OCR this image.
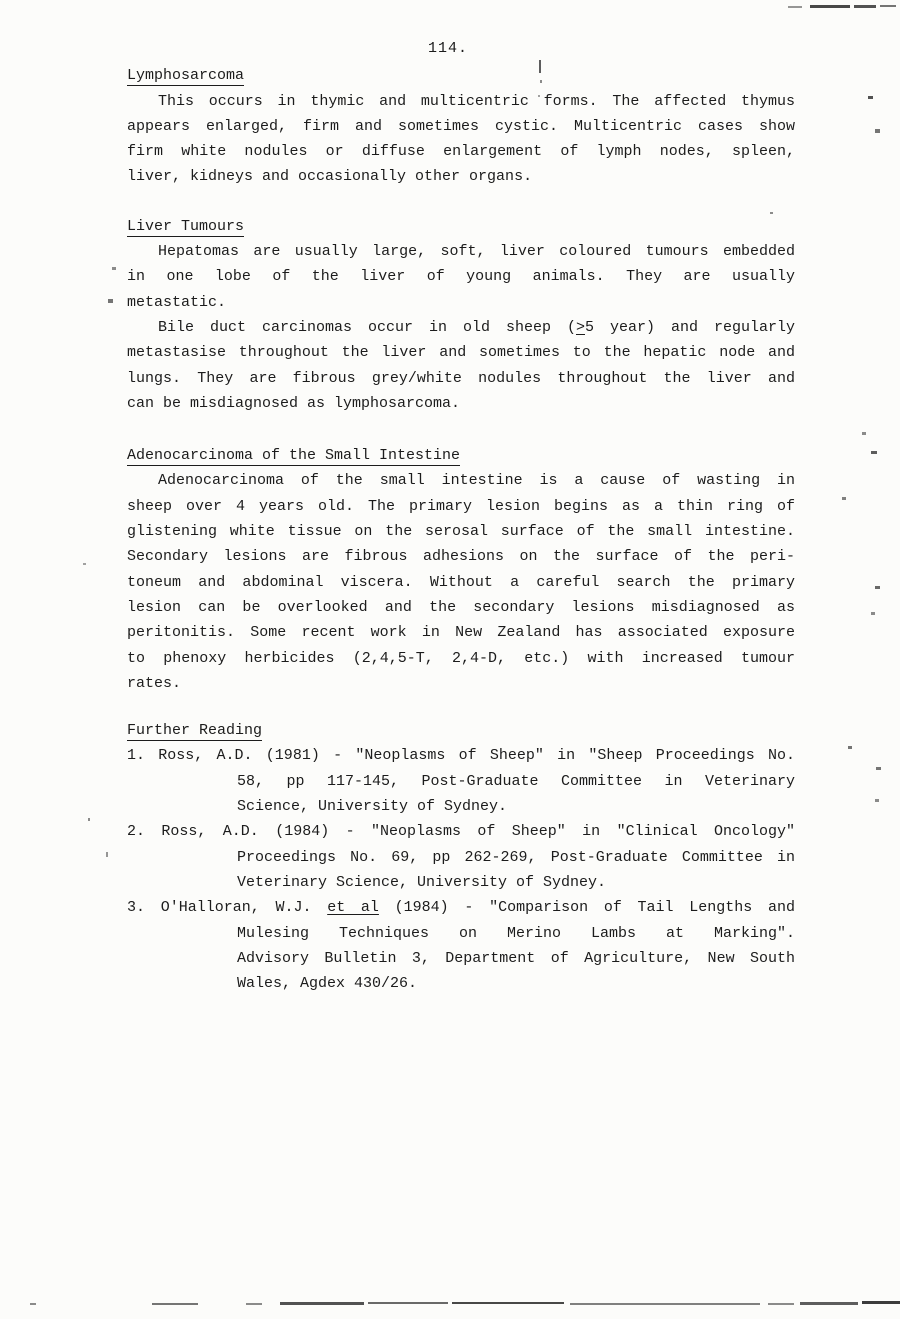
114.
Lymphosarcoma
This occurs in thymic and multicentric forms. The affected thymus
appears enlarged, firm and sometimes cystic. Multicentric cases show
firm white nodules or diffuse enlargement of lymph nodes, spleen,
liver, kidneys and occasionally other organs.
Liver Tumours
Hepatomas are usually large, soft, liver coloured tumours embedded
in one lobe of the liver of young animals. They are usually
metastatic.
Bile duct carcinomas occur in old sheep (>5 year) and regularly
metastasise throughout the liver and sometimes to the hepatic node and
lungs. They are fibrous grey/white nodules throughout the liver and
can be misdiagnosed as lymphosarcoma.
Adenocarcinoma of the Small Intestine
Adenocarcinoma of the small intestine is a cause of wasting in
sheep over 4 years old. The primary lesion begins as a thin ring of
glistening white tissue on the serosal surface of the small intestine.
Secondary lesions are fibrous adhesions on the surface of the peri-
toneum and abdominal viscera. Without a careful search the primary
lesion can be overlooked and the secondary lesions misdiagnosed as
peritonitis. Some recent work in New Zealand has associated exposure
to phenoxy herbicides (2,4,5-T, 2,4-D, etc.) with increased tumour
rates.
Further Reading
1. Ross, A.D. (1981) - "Neoplasms of Sheep" in "Sheep Proceedings No.
58, pp 117-145, Post-Graduate Committee in Veterinary
Science, University of Sydney.
2. Ross, A.D. (1984) - "Neoplasms of Sheep" in "Clinical Oncology"
Proceedings No. 69, pp 262-269, Post-Graduate Committee in
Veterinary Science, University of Sydney.
3. O'Halloran, W.J. et al (1984) - "Comparison of Tail Lengths and
Mulesing Techniques on Merino Lambs at Marking".
Advisory Bulletin 3, Department of Agriculture, New South
Wales, Agdex 430/26.
